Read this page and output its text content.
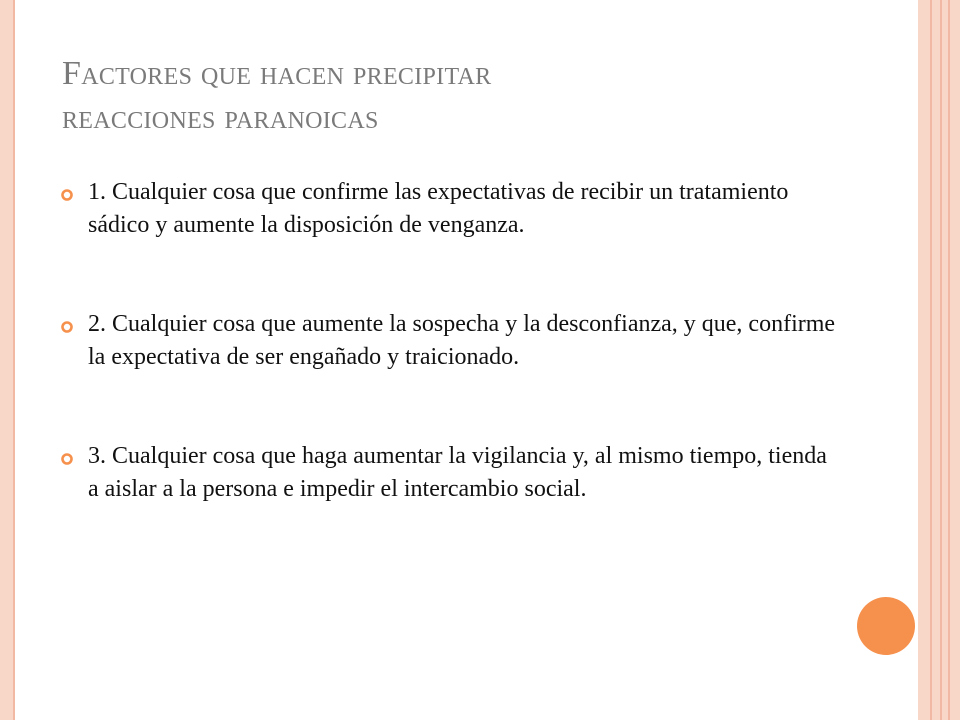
Factores que hacen precipitar
reacciones paranoicas
1. Cualquier cosa que confirme las expectativas de recibir un tratamiento sádico y aumente la disposición de venganza.
2. Cualquier cosa que aumente la sospecha y la desconfianza, y que, confirme la expectativa de ser engañado y traicionado.
3. Cualquier cosa que haga aumentar la vigilancia y, al mismo tiempo, tienda a aislar a la persona e impedir el intercambio social.
